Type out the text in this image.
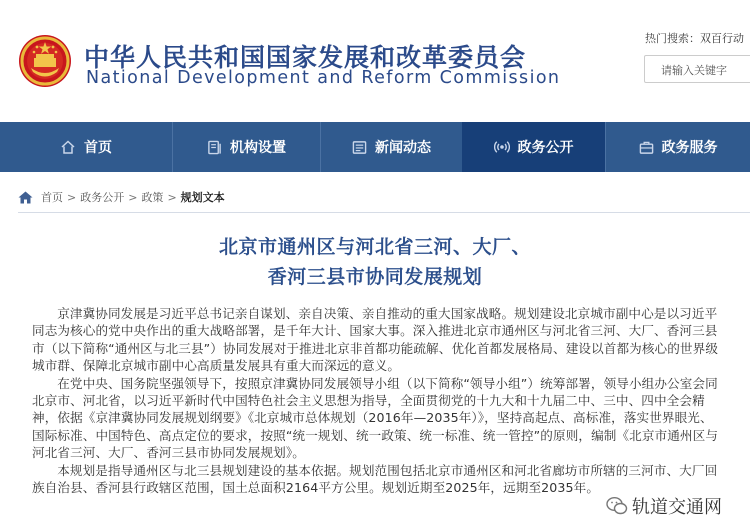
中华人民共和国国家发展和改革委员会
National Development and Reform Commission
热门搜索：双百行动
请输入关键字
首页	机构设置	新闻动态	政务公开	政务服务
首页 > 政务公开 > 政策 > 规划文本
北京市通州区与河北省三河、大厂、
香河三县市协同发展规划

京津冀协同发展是习近平总书记亲自谋划、亲自决策、亲自推动的重大国家战略。规划建设北京城市副中心是以习近平同志为核心的党中央作出的重大战略部署，是千年大计、国家大事。深入推进北京市通州区与河北省三河、大厂、香河三县市（以下简称“通州区与北三县”）协同发展对于推进北京非首都功能疏解、优化首都发展格局、建设以首都为核心的世界级城市群、保障北京城市副中心高质量发展具有重大而深远的意义。

在党中央、国务院坚强领导下，按照京津冀协同发展领导小组（以下简称“领导小组”）统筹部署，领导小组办公室会同北京市、河北省，以习近平新时代中国特色社会主义思想为指导，全面贯彻党的十九大和十九届二中、三中、四中全会精神，依据《京津冀协同发展规划纲要》《北京城市总体规划（2016年—2035年）》，坚持高起点、高标准，落实世界眼光、国际标准、中国特色、高点定位的要求，按照“统一规划、统一政策、统一标准、统一管控”的原则，编制《北京市通州区与河北省三河、大厂、香河三县市协同发展规划》。

本规划是指导通州区与北三县规划建设的基本依据。规划范围包括北京市通州区和河北省廊坊市所辖的三河市、大厂回族自治县、香河县行政辖区范围，国土总面积2164平方公里。规划近期至2025年，远期至2035年。

轨道交通网
